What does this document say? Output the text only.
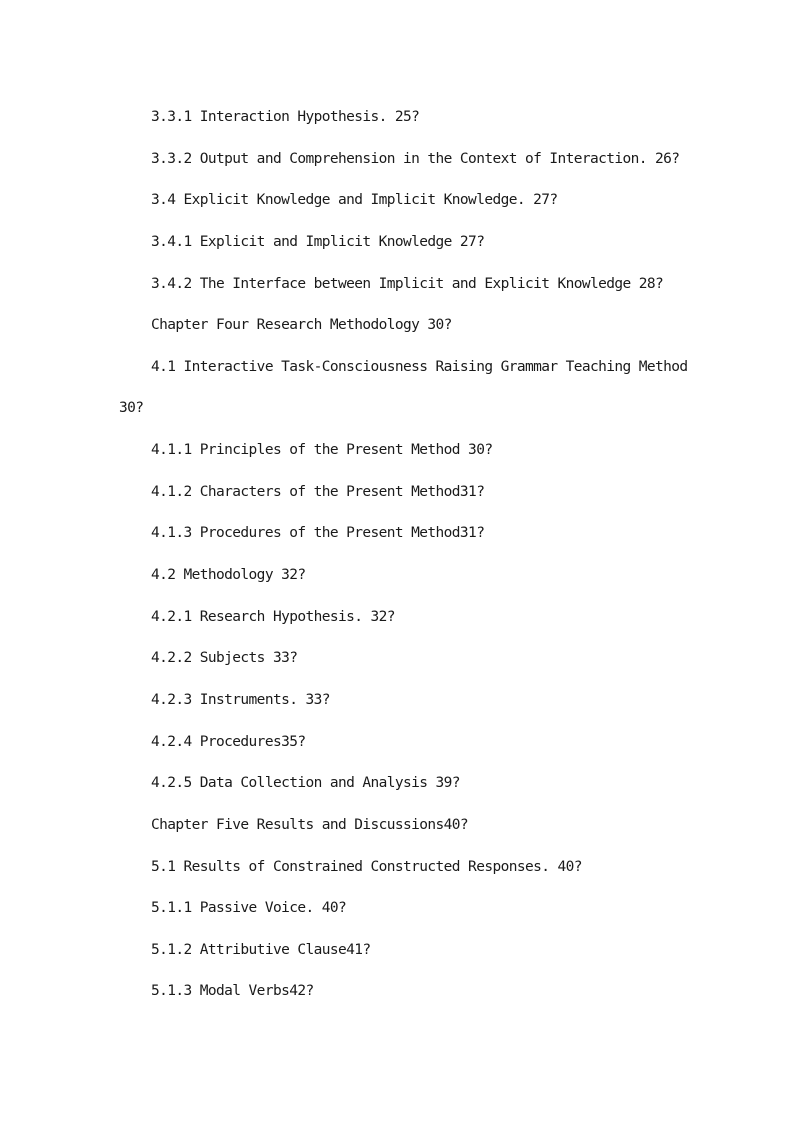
3.3.1 Interaction Hypothesis. 25?
3.3.2 Output and Comprehension in the Context of Interaction. 26?
3.4 Explicit Knowledge and Implicit Knowledge. 27?
3.4.1 Explicit and Implicit Knowledge 27?
3.4.2 The Interface between Implicit and Explicit Knowledge 28?
Chapter Four Research Methodology 30?
4.1 Interactive Task-Consciousness Raising Grammar Teaching Method
30?
4.1.1 Principles of the Present Method 30?
4.1.2 Characters of the Present Method31?
4.1.3 Procedures of the Present Method31?
4.2 Methodology 32?
4.2.1 Research Hypothesis. 32?
4.2.2 Subjects 33?
4.2.3 Instruments. 33?
4.2.4 Procedures35?
4.2.5 Data Collection and Analysis 39?
Chapter Five Results and Discussions40?
5.1 Results of Constrained Constructed Responses. 40?
5.1.1 Passive Voice. 40?
5.1.2 Attributive Clause41?
5.1.3 Modal Verbs42?
